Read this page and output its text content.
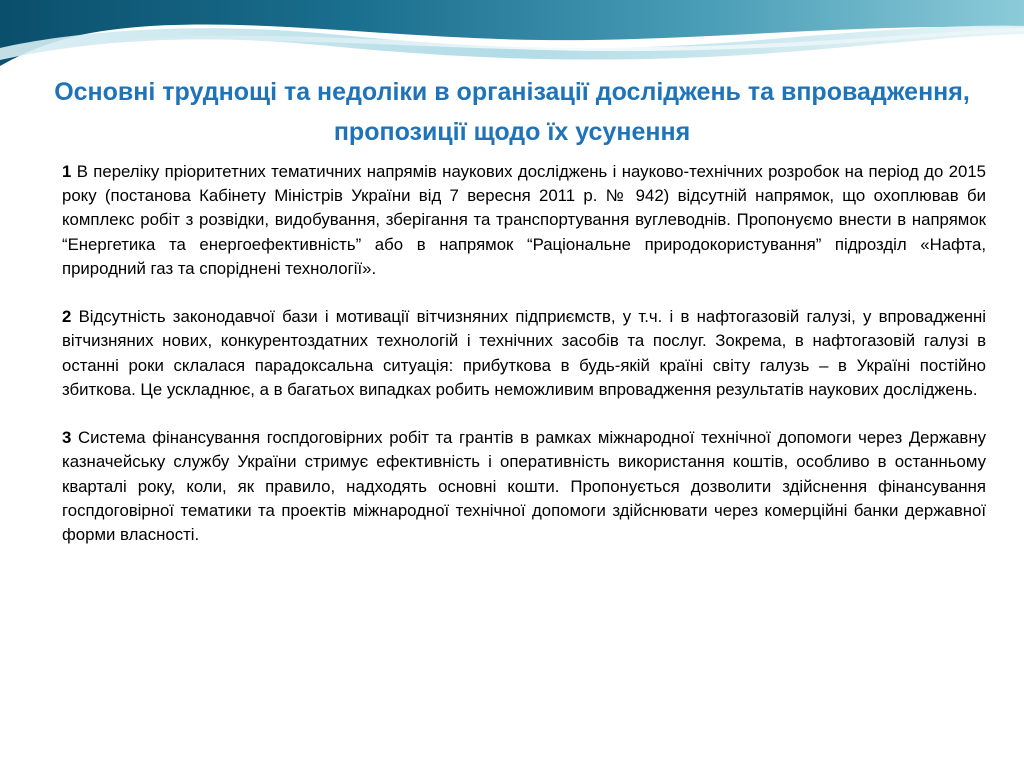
Основні труднощі та недоліки в організації досліджень та впровадження, пропозиції щодо їх усунення

1 В переліку пріоритетних тематичних напрямів наукових досліджень і науково-технічних розробок на період до 2015 року (постанова Кабінету Міністрів України від 7 вересня 2011 р. № 942) відсутній напрямок, що охоплював би комплекс робіт з розвідки, видобування, зберігання та транспортування вуглеводнів. Пропонуємо внести в напрямок “Енергетика та енергоефективність” або в напрямок “Раціональне природокористування” підрозділ «Нафта, природний газ та споріднені технології».

2 Відсутність законодавчої бази і мотивації вітчизняних підприємств, у т.ч. і в нафтогазовій галузі, у впровадженні вітчизняних нових, конкурентоздатних технологій і технічних засобів та послуг. Зокрема, в нафтогазовій галузі в останні роки склалася парадоксальна ситуація: прибуткова в будь-якій країні світу галузь – в Україні постійно збиткова. Це ускладнює, а в багатьох випадках робить неможливим впровадження результатів наукових досліджень.

3 Система фінансування госпдоговірних робіт та грантів в рамках міжнародної технічної допомоги через Державну казначейську службу України стримує ефективність і оперативність використання коштів, особливо в останньому кварталі року, коли, як правило, надходять основні кошти. Пропонується дозволити здійснення фінансування госпдоговірної тематики та проектів міжнародної технічної допомоги здійснювати через комерційні банки державної форми власності.
